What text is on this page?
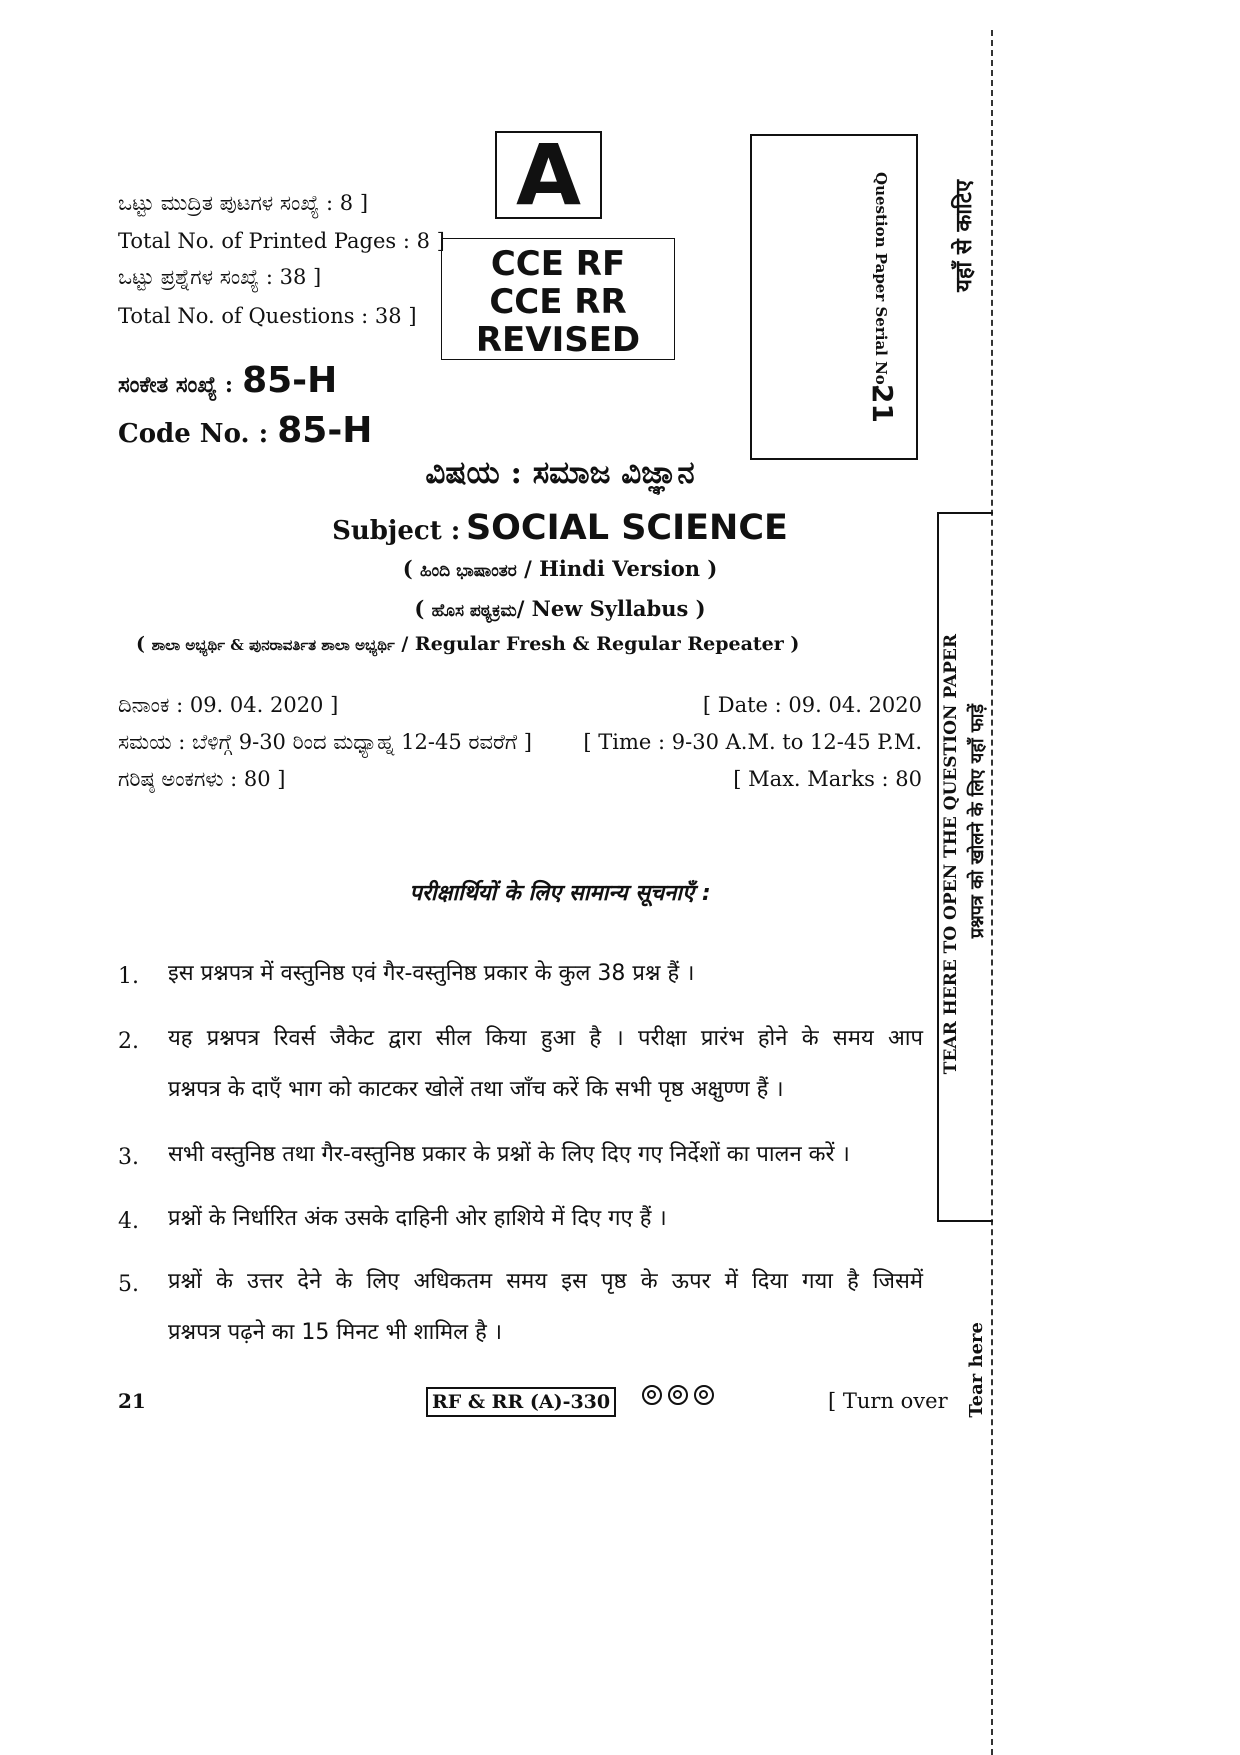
ಒಟ್ಟು ಮುದ್ರಿತ ಪುಟಗಳ ಸಂಖ್ಯೆ : 8 ]
Total No. of Printed Pages : 8 ]
ಒಟ್ಟು ಪ್ರಶ್ನೆಗಳ ಸಂಖ್ಯೆ : 38 ]
Total No. of Questions : 38 ]
ಸಂಕೇತ ಸಂಖ್ಯೆ : 85-H
Code No. : 85-H
A
CCE RF
CCE RR
REVISED	Question Paper Serial No.
21
ವಿಷಯ : ಸಮಾಜ ವಿಜ್ಞಾನ
Subject : SOCIAL SCIENCE
( ಹಿಂದಿ ಭಾಷಾಂತರ / Hindi Version )
( ಹೊಸ ಪಠ್ಯಕ್ರಮ/ New Syllabus )
( ಶಾಲಾ ಅಭ್ಯರ್ಥಿ & ಪುನರಾವರ್ತಿತ ಶಾಲಾ ಅಭ್ಯರ್ಥಿ / Regular Fresh & Regular Repeater )
ದಿನಾಂಕ : 09. 04. 2020 ]	[ Date : 09. 04. 2020
ಸಮಯ : ಬೆಳಿಗ್ಗೆ 9-30 ರಿಂದ ಮಧ್ಯಾಹ್ನ 12-45 ರವರೆಗೆ ]	[ Time : 9-30 A.M. to 12-45 P.M.
ಗರಿಷ್ಠ ಅಂಕಗಳು : 80 ]	[ Max. Marks : 80
परीक्षार्थियों के लिए सामान्य सूचनाएँ :
1. इस प्रश्नपत्र में वस्तुनिष्ठ एवं गैर-वस्तुनिष्ठ प्रकार के कुल 38 प्रश्न हैं ।
2. यह प्रश्नपत्र रिवर्स जैकेट द्वारा सील किया हुआ है । परीक्षा प्रारंभ होने के समय आप
प्रश्नपत्र के दाएँ भाग को काटकर खोलें तथा जाँच करें कि सभी पृष्ठ अक्षुण्ण हैं ।
3. सभी वस्तुनिष्ठ तथा गैर-वस्तुनिष्ठ प्रकार के प्रश्नों के लिए दिए गए निर्देशों का पालन करें ।
4. प्रश्नों के निर्धारित अंक उसके दाहिनी ओर हाशिये में दिए गए हैं ।
5. प्रश्नों के उत्तर देने के लिए अधिकतम समय इस पृष्ठ के ऊपर में दिया गया है जिसमें
प्रश्नपत्र पढ़ने का 15 मिनट भी शामिल है ।
यहाँ से काटिए
TEAR HERE TO OPEN THE QUESTION PAPER प्रश्नपत्र को खोलने के लिए यहाँ फाड़ें
Tear here
21	RF & RR (A)-330	[ Turn over
